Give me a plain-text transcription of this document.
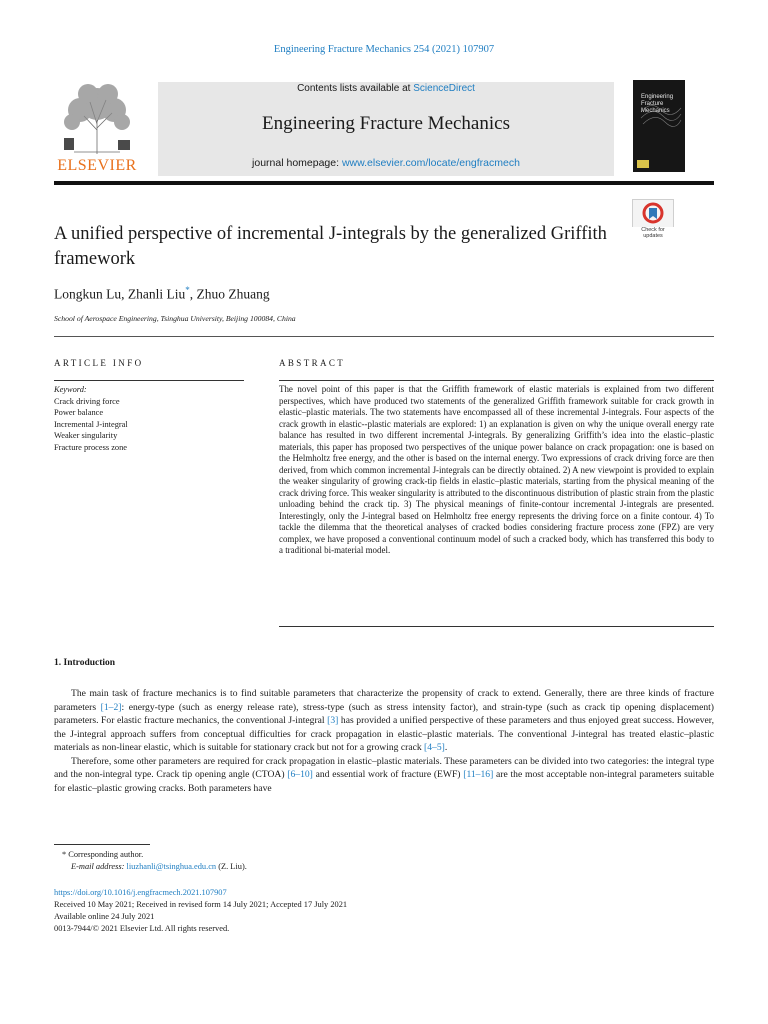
Engineering Fracture Mechanics 254 (2021) 107907
ELSEVIER
Contents lists available at ScienceDirect
Engineering Fracture Mechanics
journal homepage: www.elsevier.com/locate/engfracmech
Engineering Fracture Mechanics
A unified perspective of incremental J-integrals by the generalized Griffith framework
Check for updates
Longkun Lu, Zhanli Liu*, Zhuo Zhuang
School of Aerospace Engineering, Tsinghua University, Beijing 100084, China
ARTICLE INFO	ABSTRACT
Keyword:
Crack driving force
Power balance
Incremental J-integral
Weaker singularity
Fracture process zone
The novel point of this paper is that the Griffith framework of elastic materials is explained from two different perspectives, which have produced two statements of the generalized Griffith framework suitable for crack growth in elastic–plastic materials. The two statements have encompassed all of these incremental J-integrals. Four aspects of the crack growth in elastic--plastic materials are explored: 1) an explanation is given on why the unique overall energy rate balance has resulted in two different incremental J-integrals. By generalizing Griffith’s idea into the elastic–plastic materials, this paper has proposed two perspectives of the unique power balance on crack propagation: one is based on the Helmholtz free energy, and the other is based on the internal energy. Two expressions of crack driving force are then derived, from which common incremental J-integrals can be directly obtained. 2) A new viewpoint is provided to explain the weaker singularity of growing crack-tip fields in elastic–plastic materials, starting from the physical meaning of the crack driving force. This weaker singularity is attributed to the discontinuous distribution of plastic strain from the plastic unloading behind the crack tip. 3) The physical meanings of finite-contour incremental J-integrals are presented. Interestingly, only the J-integral based on Helmholtz free energy represents the driving force on a finite contour. 4) To tackle the dilemma that the theoretical analyses of cracked bodies considering fracture process zone (FPZ) are very complex, we have proposed a conventional continuum model of such a cracked body, which has transferred this body to a traditional bi-material model.
1. Introduction

The main task of fracture mechanics is to find suitable parameters that characterize the propensity of crack to extend. Generally, there are three kinds of fracture parameters [1–2]: energy-type (such as energy release rate), stress-type (such as stress intensity factor), and strain-type (such as crack tip opening displacement) parameters. For elastic fracture mechanics, the conventional J-integral [3] has provided a unified perspective of these parameters and thus enjoyed great success. However, the J-integral approach suffers from conceptual difficulties for crack propagation in elastic–plastic materials. The conventional J-integral has treated elastic–plastic materials as non-linear elastic, which is suitable for stationary crack but not for a growing crack [4–5].

Therefore, some other parameters are required for crack propagation in elastic–plastic materials. These parameters can be divided into two categories: the integral type and the non-integral type. Crack tip opening angle (CTOA) [6–10] and essential work of fracture (EWF) [11–16] are the most acceptable non-integral parameters suitable for elastic–plastic growing cracks. Both parameters have

* Corresponding author.
E-mail address: liuzhanli@tsinghua.edu.cn (Z. Liu).
https://doi.org/10.1016/j.engfracmech.2021.107907
Received 10 May 2021; Received in revised form 14 July 2021; Accepted 17 July 2021
Available online 24 July 2021
0013-7944/© 2021 Elsevier Ltd. All rights reserved.
